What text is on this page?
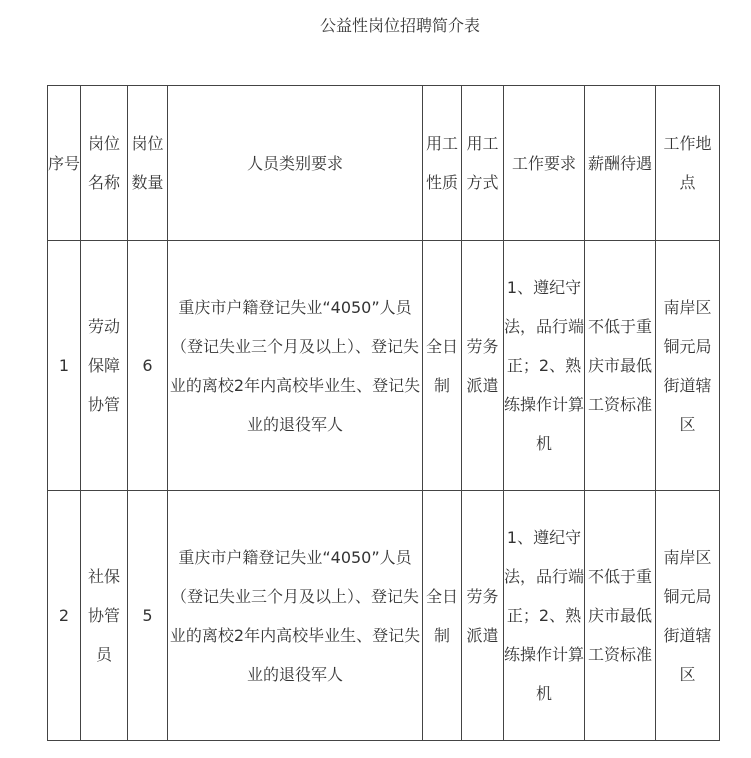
公益性岗位招聘简介表
序号	岗位名称	岗位数量	人员类别要求	用工性质	用工方式	工作要求	薪酬待遇	工作地点
1	劳动保障协管	6	重庆市户籍登记失业“4050”人员（登记失业三个月及以上）、登记失业的离校2年内高校毕业生、登记失业的退役军人	全日制	劳务派遣	1、遵纪守法，品行端正；2、熟练操作计算机	不低于重庆市最低工资标准	南岸区铜元局街道辖区
2	社保协管员	5	重庆市户籍登记失业“4050”人员（登记失业三个月及以上）、登记失业的离校2年内高校毕业生、登记失业的退役军人	全日制	劳务派遣	1、遵纪守法，品行端正；2、熟练操作计算机	不低于重庆市最低工资标准	南岸区铜元局街道辖区
